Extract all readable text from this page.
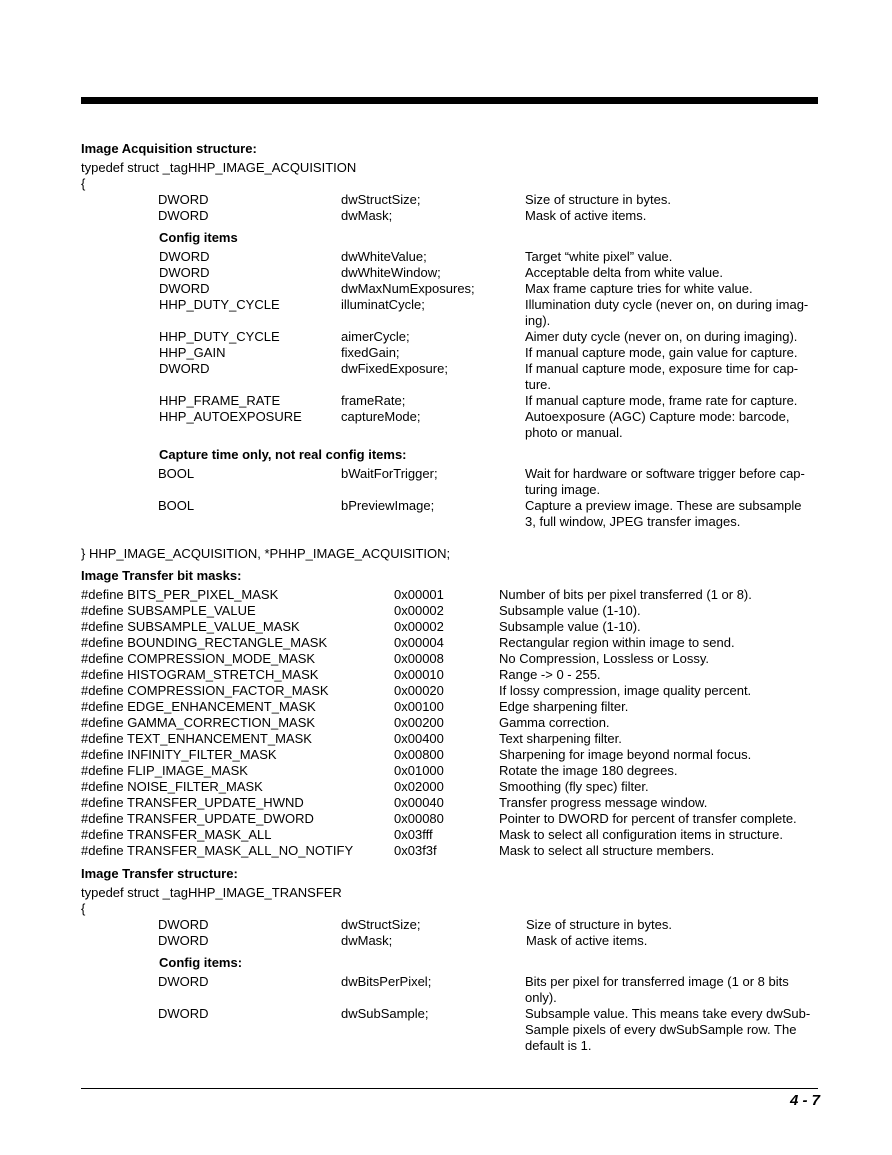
Image Acquisition structure:
typedef struct _tagHHP_IMAGE_ACQUISITION
{
DWORD	dwStructSize;	Size of structure in bytes.
DWORD	dwMask;	Mask of active items.
Config items
DWORD	dwWhiteValue;	Target “white pixel” value.
DWORD	dwWhiteWindow;	Acceptable delta from white value.
DWORD	dwMaxNumExposures;	Max frame capture tries for white value.
HHP_DUTY_CYCLE	illuminatCycle;	Illumination duty cycle (never on, on during imag-
ing).
HHP_DUTY_CYCLE	aimerCycle;	Aimer duty cycle (never on, on during imaging).
HHP_GAIN	fixedGain;	If manual capture mode, gain value for capture.
DWORD	dwFixedExposure;	If manual capture mode, exposure time for cap-
ture.
HHP_FRAME_RATE	frameRate;	If manual capture mode, frame rate for capture.
HHP_AUTOEXPOSURE	captureMode;	Autoexposure (AGC) Capture mode: barcode,
photo or manual.
Capture time only, not real config items:
BOOL	bWaitForTrigger;	Wait for hardware or software trigger before cap-
turing image.
BOOL	bPreviewImage;	Capture a preview image. These are subsample
3, full window, JPEG transfer images.
} HHP_IMAGE_ACQUISITION, *PHHP_IMAGE_ACQUISITION;
Image Transfer bit masks:
#define BITS_PER_PIXEL_MASK	0x00001	Number of bits per pixel transferred (1 or 8).
#define SUBSAMPLE_VALUE	0x00002	Subsample value (1-10).
#define SUBSAMPLE_VALUE_MASK	0x00002	Subsample value (1-10).
#define BOUNDING_RECTANGLE_MASK	0x00004	Rectangular region within image to send.
#define COMPRESSION_MODE_MASK	0x00008	No Compression, Lossless or Lossy.
#define HISTOGRAM_STRETCH_MASK	0x00010	Range -> 0 - 255.
#define COMPRESSION_FACTOR_MASK	0x00020	If lossy compression, image quality percent.
#define EDGE_ENHANCEMENT_MASK	0x00100	Edge sharpening filter.
#define GAMMA_CORRECTION_MASK	0x00200	Gamma correction.
#define TEXT_ENHANCEMENT_MASK	0x00400	Text sharpening filter.
#define INFINITY_FILTER_MASK	0x00800	Sharpening for image beyond normal focus.
#define FLIP_IMAGE_MASK	0x01000	Rotate the image 180 degrees.
#define NOISE_FILTER_MASK	0x02000	Smoothing (fly spec) filter.
#define TRANSFER_UPDATE_HWND	0x00040	Transfer progress message window.
#define TRANSFER_UPDATE_DWORD	0x00080	Pointer to DWORD for percent of transfer complete.
#define TRANSFER_MASK_ALL	0x03fff	Mask to select all configuration items in structure.
#define TRANSFER_MASK_ALL_NO_NOTIFY	0x03f3f	Mask to select all structure members.
Image Transfer structure:
typedef struct _tagHHP_IMAGE_TRANSFER
{
DWORD	dwStructSize;	Size of structure in bytes.
DWORD	dwMask;	Mask of active items.
Config items:
DWORD	dwBitsPerPixel;	Bits per pixel for transferred image (1 or 8 bits
only).
DWORD	dwSubSample;	Subsample value. This means take every dwSub-
Sample pixels of every dwSubSample row. The
default is 1.
4 - 7
